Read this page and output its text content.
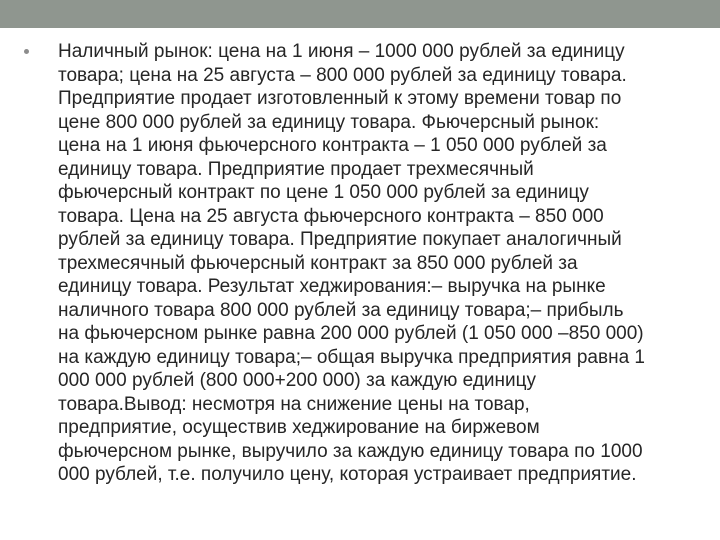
Наличный рынок: цена на 1 июня – 1000 000 рублей за единицу
товара; цена на 25 августа – 800 000 рублей за единицу товара.
Предприятие продает изготовленный к этому времени товар по
цене 800 000 рублей за единицу товара. Фьючерсный рынок:
цена на 1 июня фьючерсного контракта – 1 050 000 рублей за
единицу товара. Предприятие продает трехмесячный
фьючерсный контракт по цене 1 050 000 рублей за единицу
товара. Цена на 25 августа фьючерсного контракта – 850 000
рублей за единицу товара. Предприятие покупает аналогичный
трехмесячный фьючерсный контракт за 850 000 рублей за
единицу товара. Результат хеджирования:– выручка на рынке
наличного товара 800 000 рублей за единицу товара;– прибыль
на фьючерсном рынке равна 200 000 рублей (1 050 000 –850 000)
на каждую единицу товара;– общая выручка предприятия равна 1
000 000 рублей (800 000+200 000) за каждую единицу
товара.Вывод: несмотря на снижение цены на товар,
предприятие, осуществив хеджирование на биржевом
фьючерсном рынке, выручило за каждую единицу товара по 1000
000 рублей, т.е. получило цену, которая устраивает предприятие.
